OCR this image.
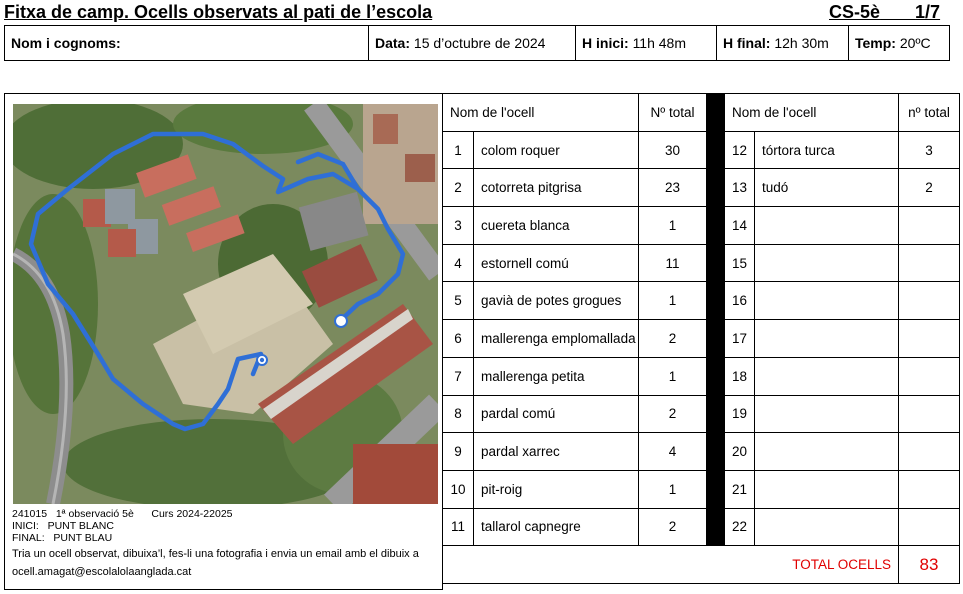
Fitxa de camp. Ocells observats al pati de l’escola	CS-5è 1/7
Nom i cognoms:	Data: 15 d’octubre de 2024	H inici: 11h 48m	H final: 12h 30m	Temp: 20ºC
241015 1ª observació 5è Curs 2024-22025
INICI:   PUNT BLANC
FINAL:   PUNT BLAU
Tria un ocell observat, dibuixa’l, fes-li una fotografia i envia un email amb el dibuix a ocell.amagat@escolalolaanglada.cat
Nom de l'ocell		Nº total		Nom de l'ocell		nº total
1	colom roquer	30		12	tórtora turca	3
2	cotorreta pitgrisa	23		13	tudó	2
3	cuereta blanca	1		14		
4	estornell comú	11		15		
5	gavià de potes grogues	1		16		
6	mallerenga emplomallada	2		17		
7	mallerenga petita	1		18		
8	pardal comú	2		19		
9	pardal xarrec	4		20		
10	pit-roig	1		21		
11	tallarol capnegre	2		22		
			TOTAL OCELLS			83
